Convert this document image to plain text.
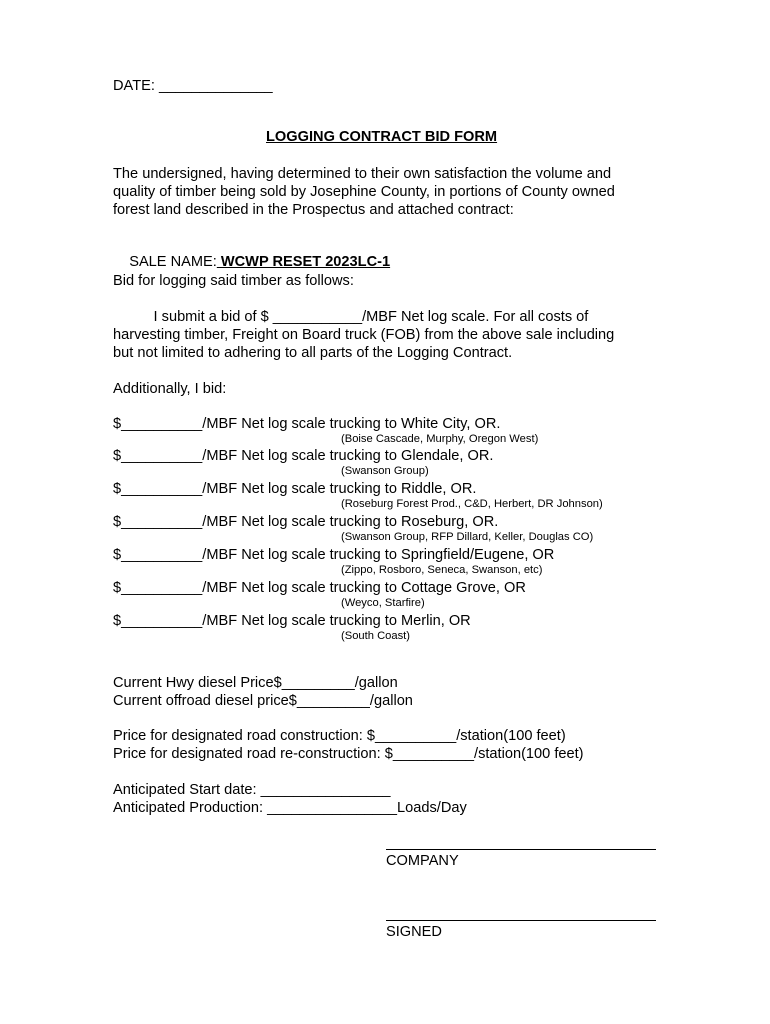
DATE: ______________
LOGGING CONTRACT BID FORM
The undersigned, having determined to their own satisfaction the volume and
quality of timber being sold by Josephine County, in portions of County owned
forest land described in the Prospectus and attached contract:

SALE NAME: WCWP RESET 2023LC-1

Bid for logging said timber as follows:
I submit a bid of $ ___________/MBF Net log scale. For all costs of
harvesting timber, Freight on Board truck (FOB) from the above sale including
but not limited to adhering to all parts of the Logging Contract.
Additionally, I bid:
$__________/MBF Net log scale trucking to White City, OR.
(Boise Cascade, Murphy, Oregon West)
$__________/MBF Net log scale trucking to Glendale, OR.
(Swanson Group)
$__________/MBF Net log scale trucking to Riddle, OR.
(Roseburg Forest Prod., C&D, Herbert, DR Johnson)
$__________/MBF Net log scale trucking to Roseburg, OR.
(Swanson Group, RFP Dillard, Keller, Douglas CO)
$__________/MBF Net log scale trucking to Springfield/Eugene, OR
(Zippo, Rosboro, Seneca, Swanson, etc)
$__________/MBF Net log scale trucking to Cottage Grove, OR
(Weyco, Starfire)
$__________/MBF Net log scale trucking to Merlin, OR
(South Coast)
Current Hwy diesel Price$_________/gallon
Current offroad diesel price$_________/gallon
Price for designated road construction: $__________/station(100 feet)
Price for designated road re-construction: $__________/station(100 feet)
Anticipated Start date: ________________
Anticipated Production: ________________Loads/Day
COMPANY
SIGNED
